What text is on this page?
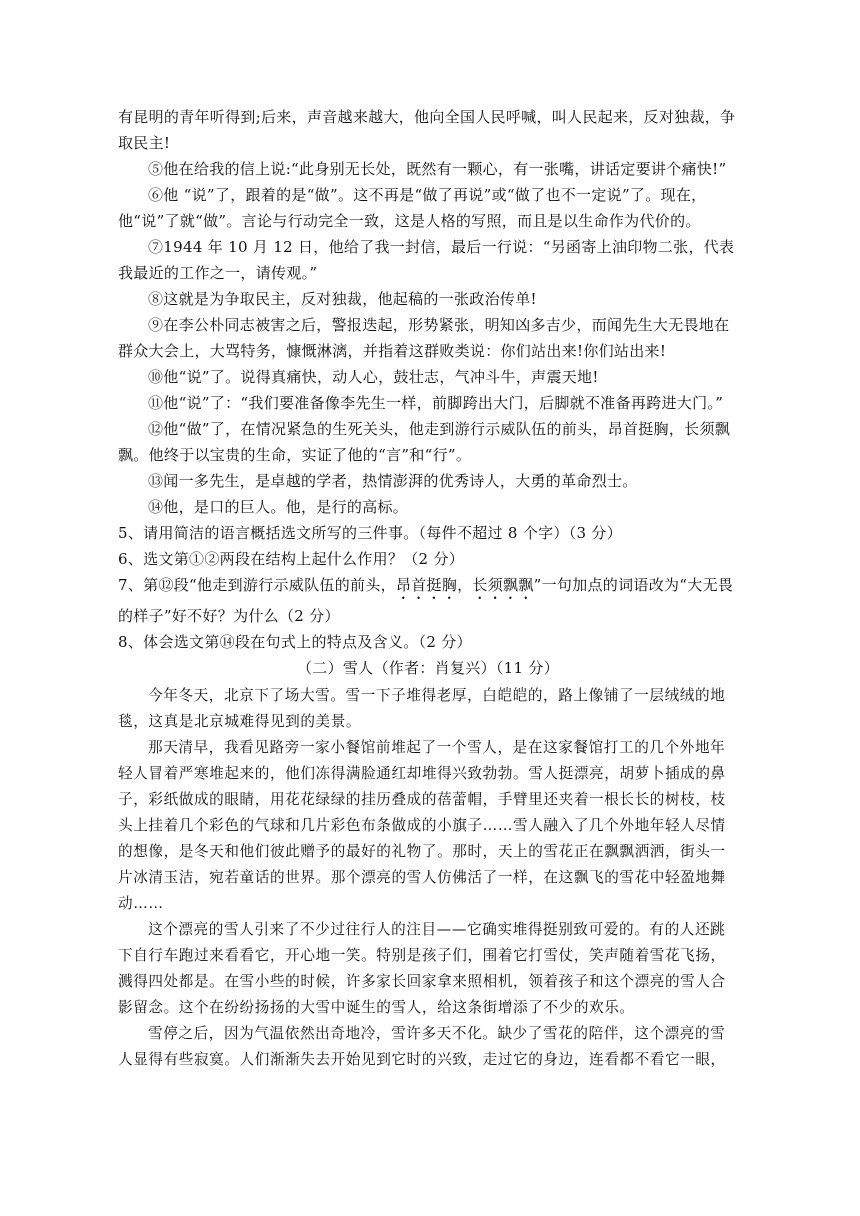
有昆明的青年听得到;后来，声音越来越大，他向全国人民呼喊，叫人民起来，反对独裁，争取民主!

⑤他在给我的信上说:“此身别无长处，既然有一颗心，有一张嘴，讲话定要讲个痛快!”

⑥他 “说”了，跟着的是“做”。这不再是“做了再说”或“做了也不一定说”了。现在，他“说”了就“做”。言论与行动完全一致，这是人格的写照，而且是以生命作为代价的。

⑦1944 年 10 月 12 日，他给了我一封信，最后一行说：“另函寄上油印物二张，代表我最近的工作之一，请传观。”

⑧这就是为争取民主，反对独裁，他起稿的一张政治传单!

⑨在李公朴同志被害之后，警报迭起，形势紧张，明知凶多吉少，而闻先生大无畏地在群众大会上，大骂特务，慷慨淋漓，并指着这群败类说：你们站出来!你们站出来!

⑩他“说”了。说得真痛快，动人心，鼓壮志，气冲斗牛，声震天地!

⑪他“说”了：“我们要准备像李先生一样，前脚跨出大门，后脚就不准备再跨进大门。”

⑫他“做”了，在情况紧急的生死关头，他走到游行示威队伍的前头，昂首挺胸，长须飘飘。他终于以宝贵的生命，实证了他的“言”和“行”。

⑬闻一多先生，是卓越的学者，热情澎湃的优秀诗人，大勇的革命烈士。

⑭他，是口的巨人。他，是行的高标。

5、请用简洁的语言概括选文所写的三件事。（每件不超过 8 个字）（3 分）

6、选文第①②两段在结构上起什么作用？（2 分）

7、第⑫段“他走到游行示威队伍的前头，昂首挺胸，长须飘飘”一句加点的词语改为“大无畏的样子”好不好？为什么（2 分）

8、体会选文第⑭段在句式上的特点及含义。（2 分）

（二）雪人（作者：肖复兴）（11 分）

今年冬天，北京下了场大雪。雪一下子堆得老厚，白皑皑的，路上像铺了一层绒绒的地毯，这真是北京城难得见到的美景。

那天清早，我看见路旁一家小餐馆前堆起了一个雪人，是在这家餐馆打工的几个外地年轻人冒着严寒堆起来的，他们冻得满脸通红却堆得兴致勃勃。雪人挺漂亮，胡萝卜插成的鼻子，彩纸做成的眼睛，用花花绿绿的挂历叠成的蓓蕾帽，手臂里还夹着一根长长的树枝，枝头上挂着几个彩色的气球和几片彩色布条做成的小旗子……雪人融入了几个外地年轻人尽情的想像，是冬天和他们彼此赠予的最好的礼物了。那时，天上的雪花正在飘飘洒洒，街头一片冰清玉洁，宛若童话的世界。那个漂亮的雪人仿佛活了一样，在这飘飞的雪花中轻盈地舞动……

这个漂亮的雪人引来了不少过往行人的注目——它确实堆得挺别致可爱的。有的人还跳下自行车跑过来看看它，开心地一笑。特别是孩子们，围着它打雪仗，笑声随着雪花飞扬，溅得四处都是。在雪小些的时候，许多家长回家拿来照相机，领着孩子和这个漂亮的雪人合影留念。这个在纷纷扬扬的大雪中诞生的雪人，给这条街增添了不少的欢乐。

雪停之后，因为气温依然出奇地冷，雪许多天不化。缺少了雪花的陪伴，这个漂亮的雪人显得有些寂寞。人们渐渐失去开始见到它时的兴致，走过它的身边，连看都不看它一眼，
